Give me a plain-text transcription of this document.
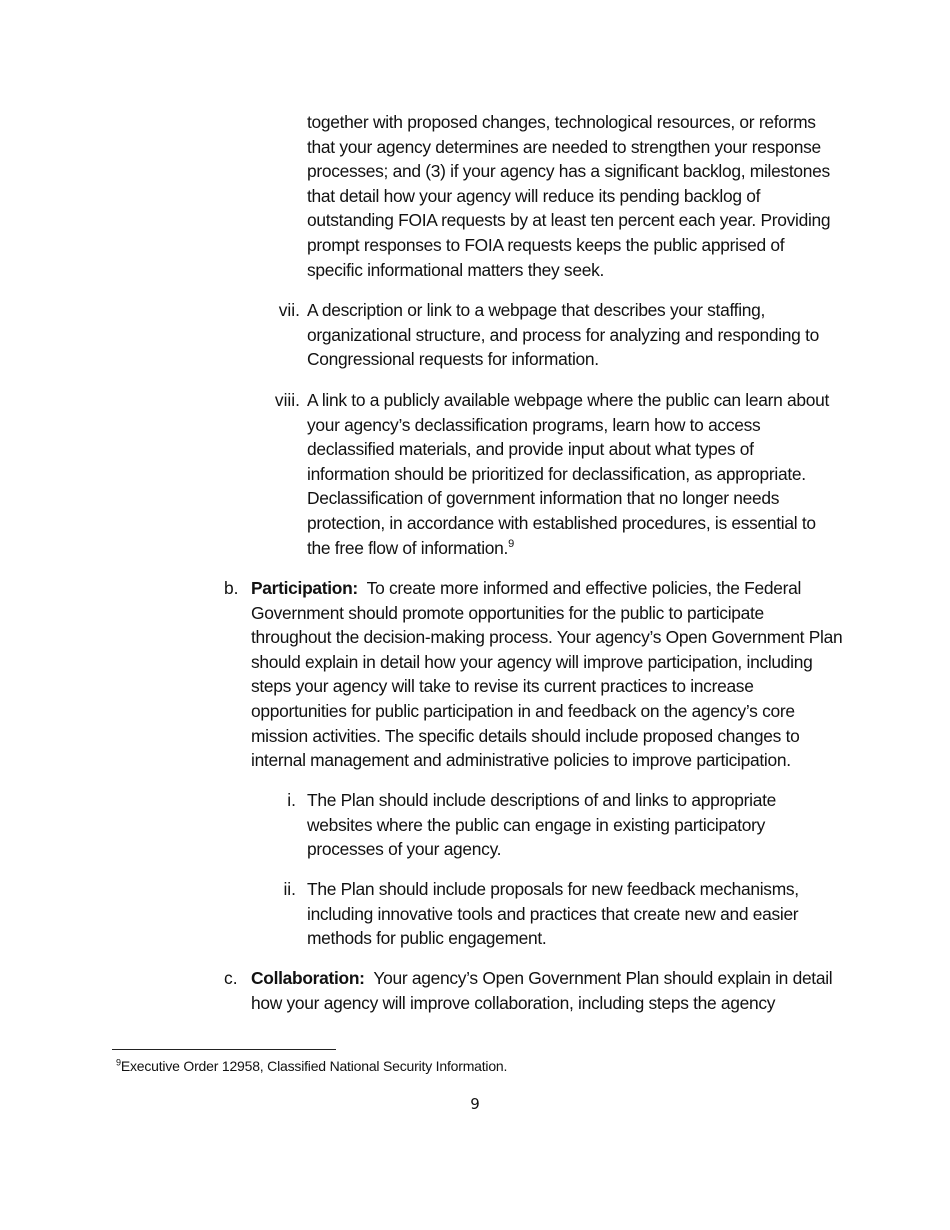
together with proposed changes, technological resources, or reforms that your agency determines are needed to strengthen your response processes; and (3) if your agency has a significant backlog, milestones that detail how your agency will reduce its pending backlog of outstanding FOIA requests by at least ten percent each year. Providing prompt responses to FOIA requests keeps the public apprised of specific informational matters they seek.

vii. A description or link to a webpage that describes your staffing, organizational structure, and process for analyzing and responding to Congressional requests for information.

viii. A link to a publicly available webpage where the public can learn about your agency’s declassification programs, learn how to access declassified materials, and provide input about what types of information should be prioritized for declassification, as appropriate. Declassification of government information that no longer needs protection, in accordance with established procedures, is essential to the free flow of information.$^9$

b. Participation: To create more informed and effective policies, the Federal Government should promote opportunities for the public to participate throughout the decision-making process. Your agency’s Open Government Plan should explain in detail how your agency will improve participation, including steps your agency will take to revise its current practices to increase opportunities for public participation in and feedback on the agency’s core mission activities. The specific details should include proposed changes to internal management and administrative policies to improve participation.

i. The Plan should include descriptions of and links to appropriate websites where the public can engage in existing participatory processes of your agency.

ii. The Plan should include proposals for new feedback mechanisms, including innovative tools and practices that create new and easier methods for public engagement.

c. Collaboration: Your agency’s Open Government Plan should explain in detail how your agency will improve collaboration, including steps the agency

$^9$Executive Order 12958, Classified National Security Information.
9
